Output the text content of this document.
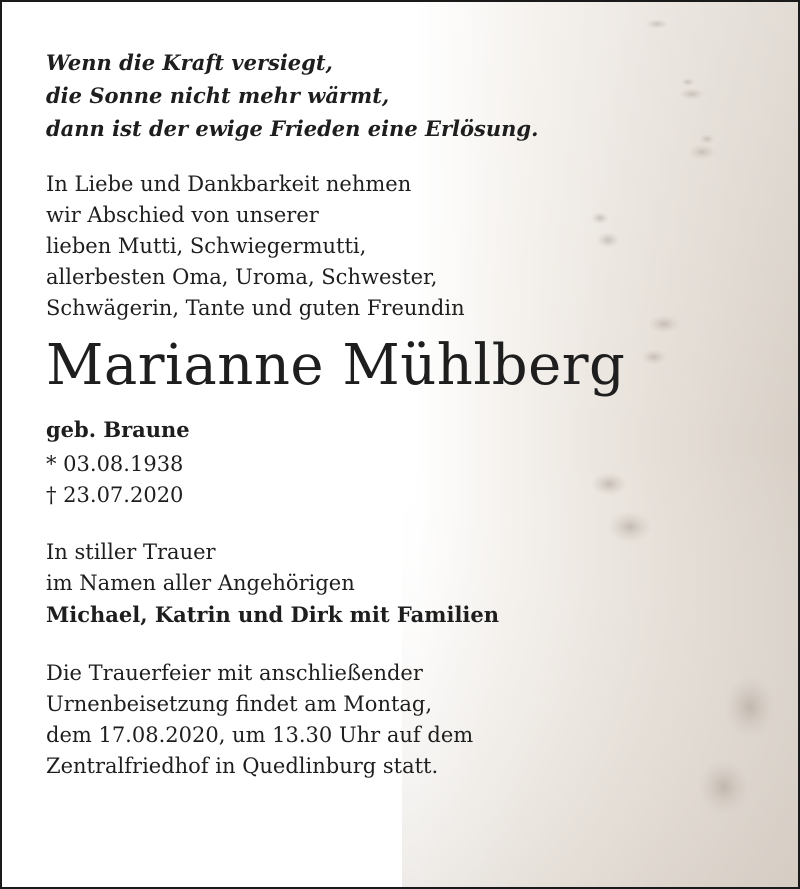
Wenn die Kraft versiegt,
die Sonne nicht mehr wärmt,
dann ist der ewige Frieden eine Erlösung.
In Liebe und Dankbarkeit nehmen
wir Abschied von unserer
lieben Mutti, Schwiegermutti,
allerbesten Oma, Uroma, Schwester,
Schwägerin, Tante und guten Freundin
Marianne Mühlberg
geb. Braune
* 03.08.1938
† 23.07.2020
In stiller Trauer
im Namen aller Angehörigen
Michael, Katrin und Dirk mit Familien
Die Trauerfeier mit anschließender
Urnenbeisetzung findet am Montag,
dem 17.08.2020, um 13.30 Uhr auf dem
Zentralfriedhof in Quedlinburg statt.
